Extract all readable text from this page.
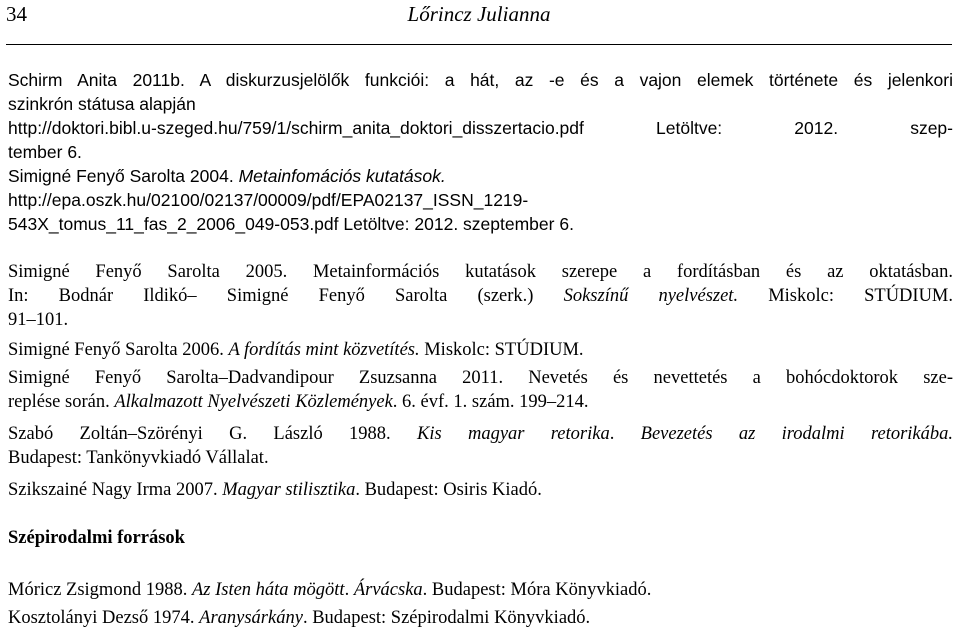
34	Lőrincz Julianna
Schirm Anita 2011b. A diskurzusjelölők funkciói: a hát, az -e és a vajon elemek története és jelenkori
szinkrón státusa alapján
http://doktori.bibl.u-szeged.hu/759/1/schirm_anita_doktori_disszertacio.pdf Letöltve: 2012. szep-
tember 6.
Simigné Fenyő Sarolta 2004. Metainfomációs kutatások.
http://epa.oszk.hu/02100/02137/00009/pdf/EPA02137_ISSN_1219-
543X_tomus_11_fas_2_2006_049-053.pdf Letöltve: 2012. szeptember 6.
Simigné Fenyő Sarolta 2005. Metainformációs kutatások szerepe a fordításban és az oktatásban.
In: Bodnár Ildikó– Simigné Fenyő Sarolta (szerk.) Sokszínű nyelvészet. Miskolc: STÚDIUM.
91–101.
Simigné Fenyő Sarolta 2006. A fordítás mint közvetítés. Miskolc: STÚDIUM.
Simigné Fenyő Sarolta–Dadvandipour Zsuzsanna 2011. Nevetés és nevettetés a bohócdoktorok sze-
replése során. Alkalmazott Nyelvészeti Közlemények. 6. évf. 1. szám. 199–214.
Szabó Zoltán–Szörényi G. László 1988. Kis magyar retorika. Bevezetés az irodalmi retorikába.
Budapest: Tankönyvkiadó Vállalat.
Szikszainé Nagy Irma 2007. Magyar stilisztika. Budapest: Osiris Kiadó.
Szépirodalmi források
Móricz Zsigmond 1988. Az Isten háta mögött. Árvácska. Budapest: Móra Könyvkiadó.
Kosztolányi Dezső 1974. Aranysárkány. Budapest: Szépirodalmi Könyvkiadó.
